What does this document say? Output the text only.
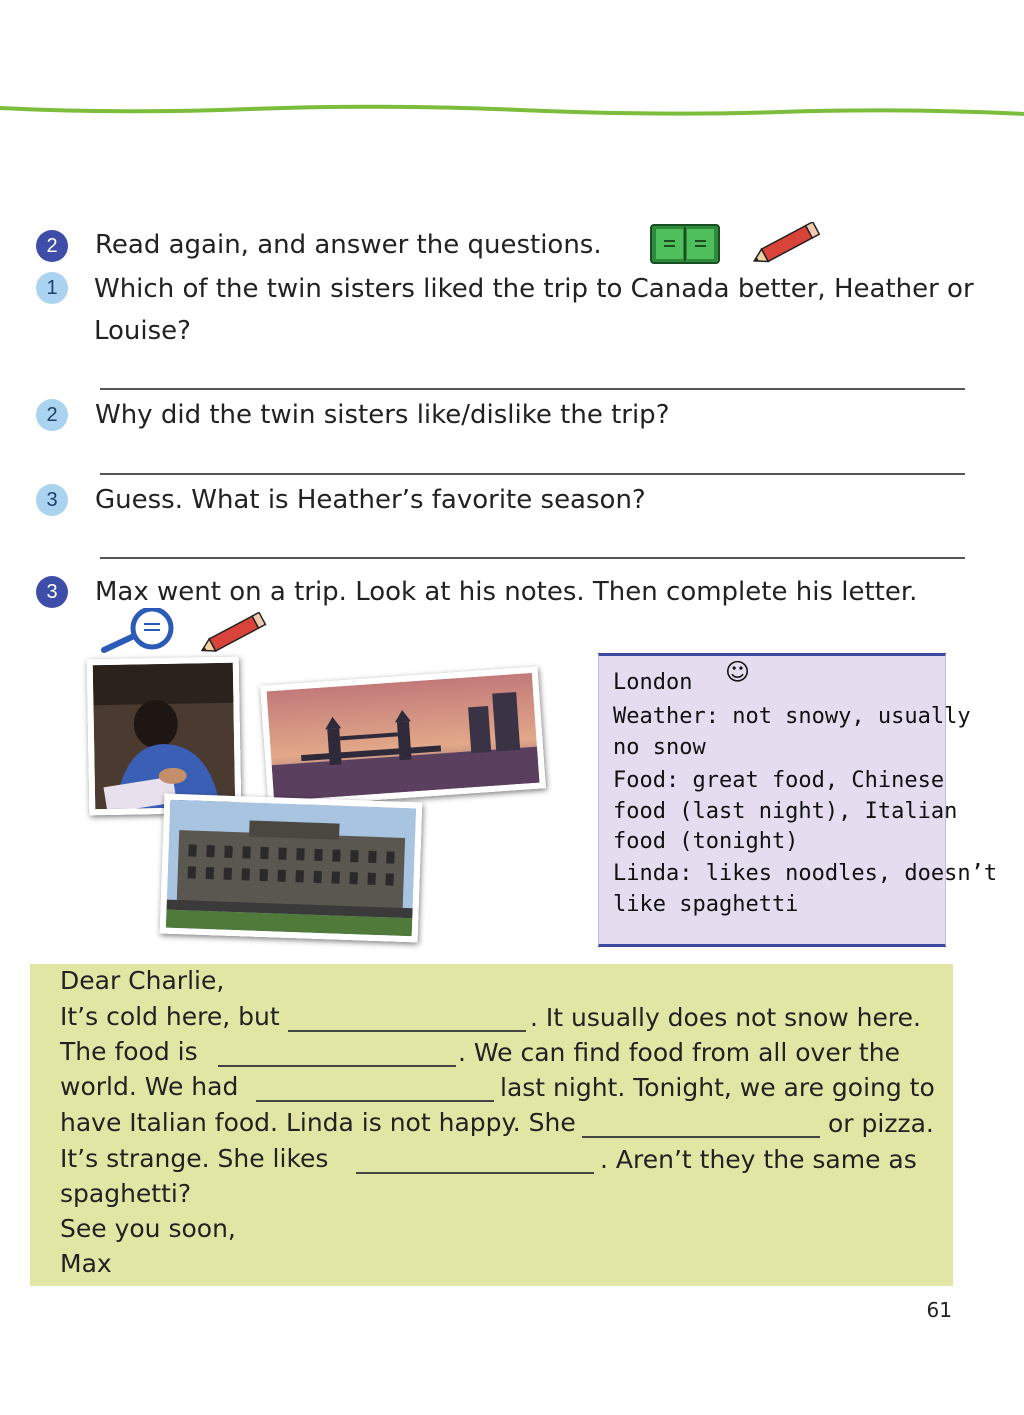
2 Read again, and answer the questions.
1 Which of the twin sisters liked the trip to Canada better, Heather or
Louise?
2 Why did the twin sisters like/dislike the trip?
3 Guess. What is Heather’s favorite season?
3 Max went on a trip. Look at his notes. Then complete his letter.
London ☺
Weather: not snowy, usually
no snow
Food: great food, Chinese
food (last night), Italian
food (tonight)
Linda: likes noodles, doesn’t
like spaghetti
Dear Charlie,
It’s cold here, but	. It usually does not snow here.
The food is	. We can find food from all over the
world. We had	last night. Tonight, we are going to
have Italian food. Linda is not happy. She	or pizza.
It’s strange. She likes	. Aren’t they the same as
spaghetti?
See you soon,
Max
61
